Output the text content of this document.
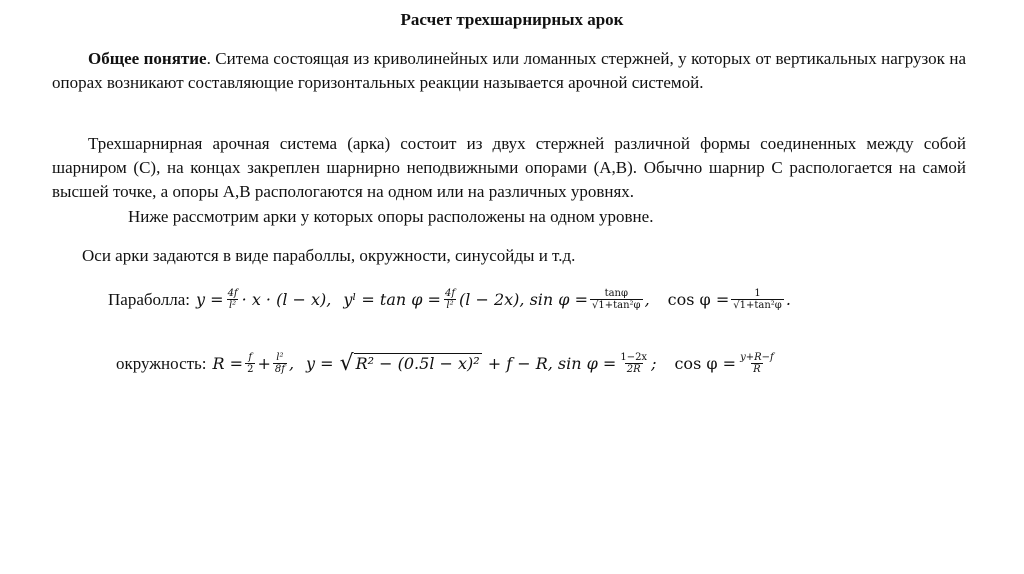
Расчет трехшарнирных арок
Общее понятие. Ситема состоящая из криволинейных или ломанных стержней, у которых от вертикальных нагрузок на опорах возникают составляющие горизонтальных реакции называется арочной системой.
Трехшарнирная арочная система (арка) состоит из двух стержней различной формы соединенных между собой шарниром (С), на концах закреплен шарнирно неподвижными опорами (А,В). Обычно шарнир С распологается на самой высшей точке, а опоры А,В распологаются на одном или на различных уровнях.
Ниже рассмотрим арки у которых опоры расположены на одном уровне.
Оси арки задаются в виде параболлы, окружности, синусойды и т.д.
Параболла: $y = \frac{4f}{\text{l²}} \cdot x \cdot (l - x)$, yˡ = $\tan \varphi = \frac{4f}{\text{l²}} (l - 2x)$, $\sin \varphi = \frac{\tan\varphi}{\text{√1+tan²φ}}$ , $\cos \varphi = \frac{1}{\text{√1+tan²φ}}$ .
окружность: $R = \frac{f}{2} + \frac{\text{l²}}{8f}$ , y = √ R² − (0.5l − x)² + f − R, $\sin \varphi = \frac{1-2x}{2R}$ ; $\cos \varphi = \frac{y+R-f}{R}$
